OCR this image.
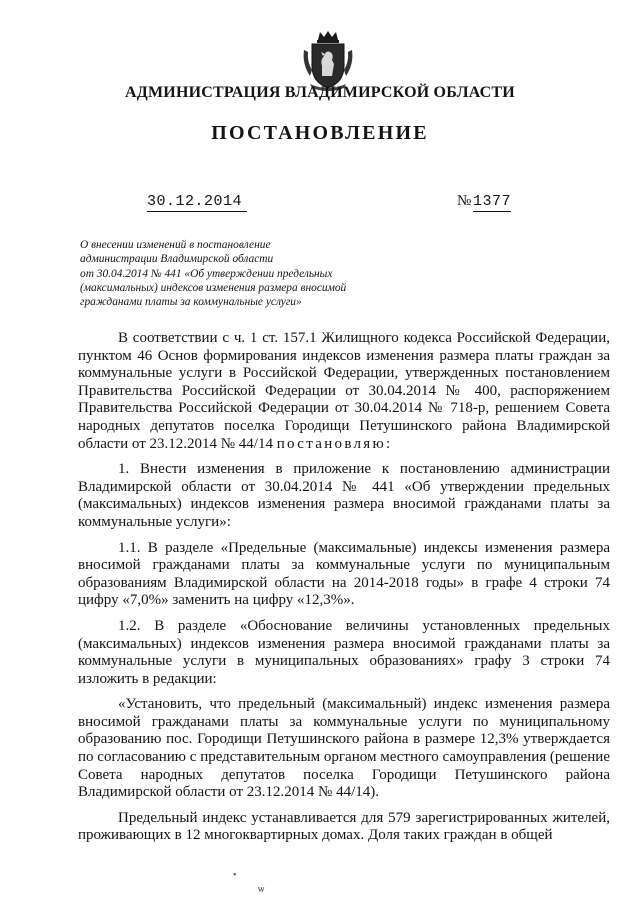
АДМИНИСТРАЦИЯ ВЛАДИМИРСКОЙ ОБЛАСТИ
ПОСТАНОВЛЕНИЕ
30.12.2014	№ 1377
О внесении изменений в постановление
администрации Владимирской области
от 30.04.2014 № 441 «Об утверждении предельных
(максимальных) индексов изменения размера вносимой
гражданами платы за коммунальные услуги»

В соответствии с ч. 1 ст. 157.1 Жилищного кодекса Российской Федерации, пунктом 46 Основ формирования индексов изменения размера платы граждан за коммунальные услуги в Российской Федерации, утвержденных постановлением Правительства Российской Федерации от 30.04.2014 № 400, распоряжением Правительства Российской Федерации от 30.04.2014 № 718-р, решением Совета народных депутатов поселка Городищи Петушинского района Владимирской области от 23.12.2014 № 44/14 постановляю:

1. Внести изменения в приложение к постановлению администрации Владимирской области от 30.04.2014 № 441 «Об утверждении предельных (максимальных) индексов изменения размера вносимой гражданами платы за коммунальные услуги»:

1.1. В разделе «Предельные (максимальные) индексы изменения размера вносимой гражданами платы за коммунальные услуги по муниципальным образованиям Владимирской области на 2014-2018 годы» в графе 4 строки 74 цифру «7,0%» заменить на цифру «12,3%».

1.2. В разделе «Обоснование величины установленных предельных (максимальных) индексов изменения размера вносимой гражданами платы за коммунальные услуги в муниципальных образованиях» графу 3 строки 74 изложить в редакции:

«Установить, что предельный (максимальный) индекс изменения размера вносимой гражданами платы за коммунальные услуги по муниципальному образованию пос. Городищи Петушинского района в размере 12,3% утверждается по согласованию с представительным органом местного самоуправления (решение Совета народных депутатов поселка Городищи Петушинского района Владимирской области от 23.12.2014 № 44/14).

Предельный индекс устанавливается для 579 зарегистрированных жителей, проживающих в 12 многоквартирных домах. Доля таких граждан в общей

•
ѡ
